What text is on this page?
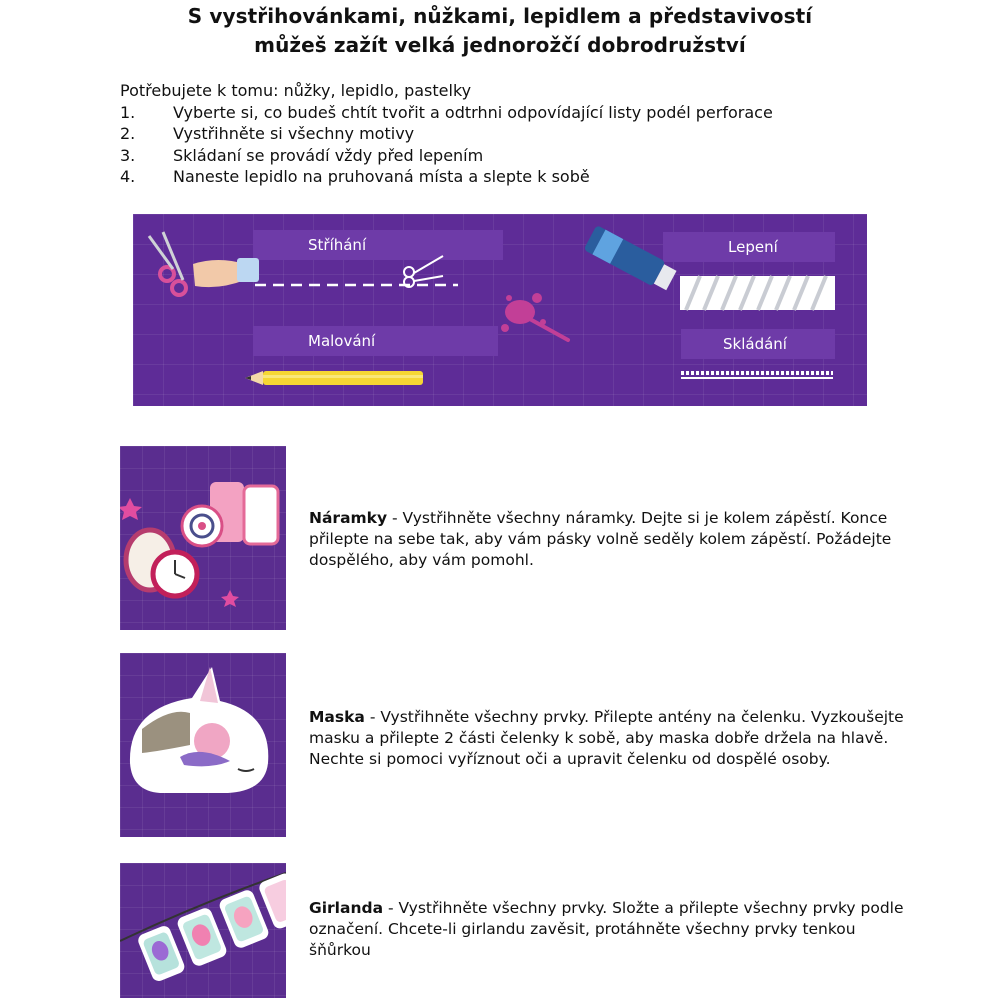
S vystřihovánkami, nůžkami, lepidlem a představivostí
můžeš zažít velká jednorožčí dobrodružství
Potřebujete k tomu: nůžky, lepidlo, pastelky
1.	Vyberte si, co budeš chtít tvořit a odtrhni odpovídající listy podél perforace
2.	Vystřihněte si všechny motivy
3.	Skládaní se provádí vždy před lepením
4.	Naneste lepidlo na pruhovaná místa a slepte k sobě
Stříhání	Lepení
Malování	Skládání
Náramky - Vystřihněte všechny náramky. Dejte si je kolem zápěstí. Konce přilepte na sebe tak, aby vám pásky volně seděly kolem zápěstí. Požádejte dospělého, aby vám pomohl.
Maska - Vystřihněte všechny prvky. Přilepte antény na čelenku. Vyzkoušejte masku a přilepte 2 části čelenky k sobě, aby maska dobře držela na hlavě. Nechte si pomoci vyříznout oči a upravit čelenku od dospělé osoby.
Girlanda - Vystřihněte všechny prvky. Složte a přilepte všechny prvky podle označení. Chcete-li girlandu zavěsit, protáhněte všechny prvky tenkou šňůrkou
